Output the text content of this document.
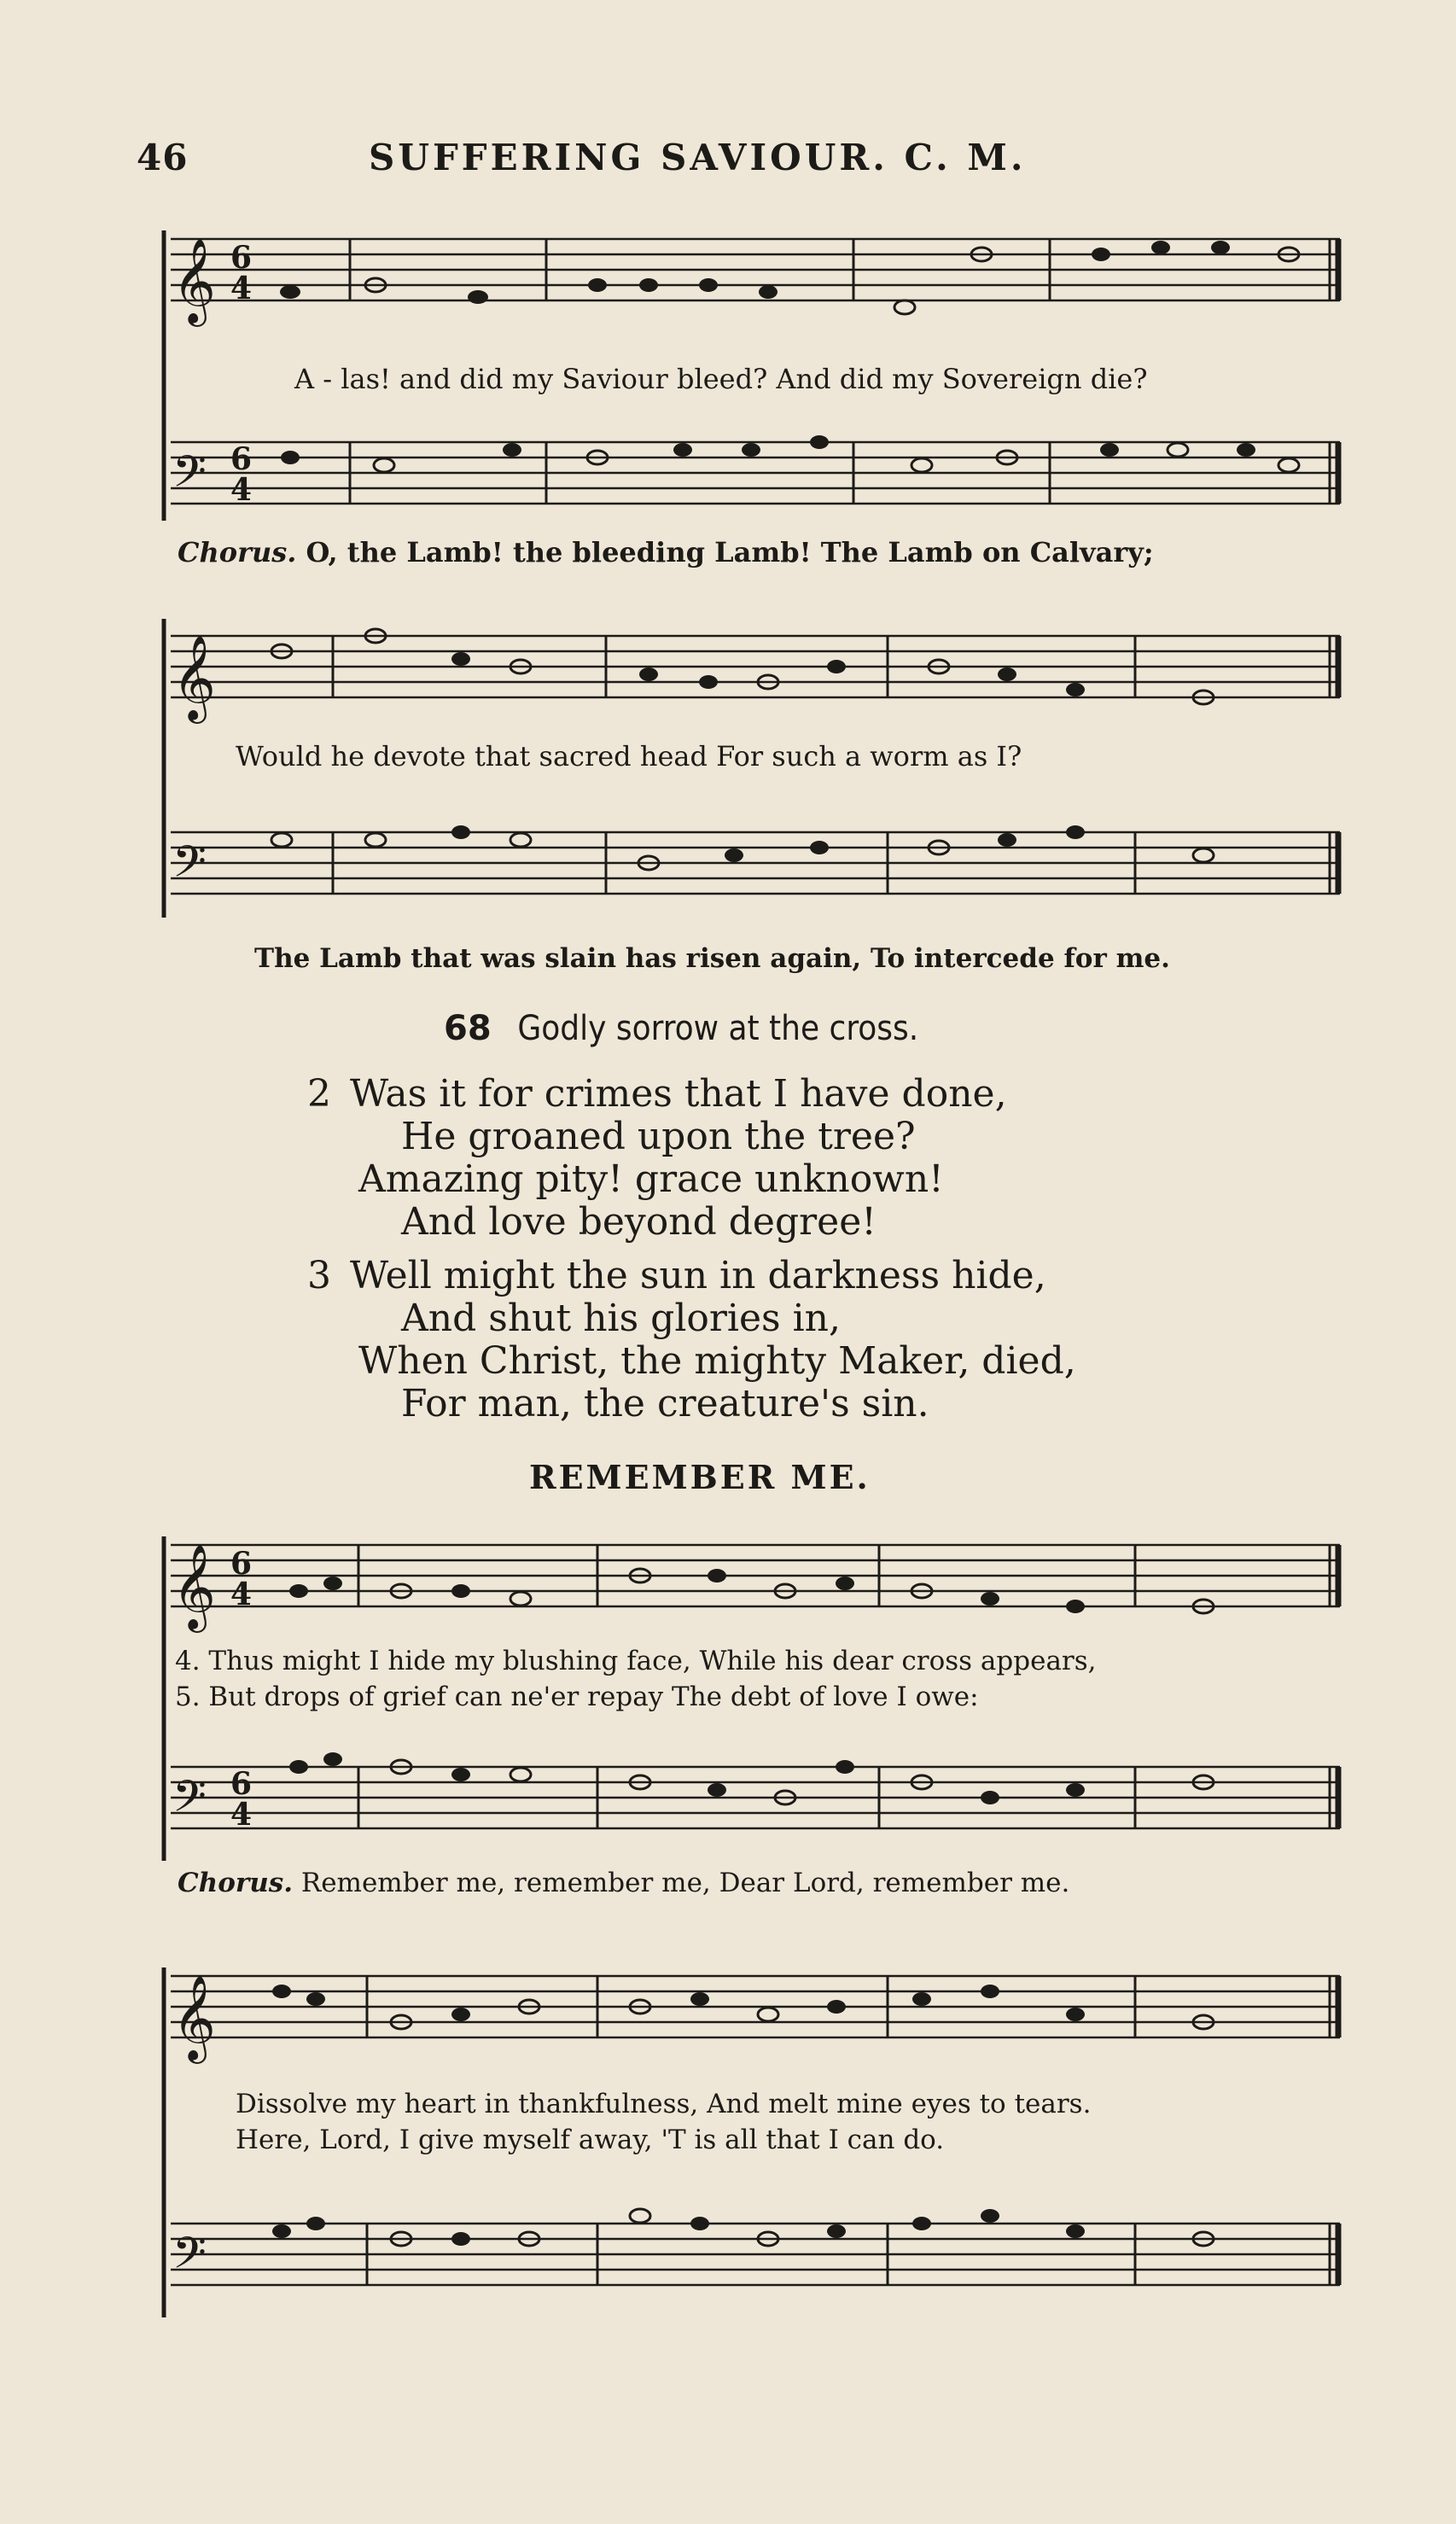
46	SUFFERING SAVIOUR. C. M.
𝄞
𝄢
6
4
6
4
A - las! and did my Saviour bleed? And did my Sovereign die?
Chorus. O, the Lamb! the bleeding Lamb! The Lamb on Calvary;
𝄞
𝄢
Would he devote that sacred head For such a worm as I?
The Lamb that was slain has risen again, To intercede for me.
68 Godly sorrow at the cross.
2 Was it for crimes that I have done,
He groaned upon the tree?
Amazing pity! grace unknown!
And love beyond degree!
3 Well might the sun in darkness hide,
And shut his glories in,
When Christ, the mighty Maker, died,
For man, the creature's sin.
REMEMBER ME.
𝄞
𝄢
6
4
6
4
4. Thus might I hide my blushing face, While his dear cross appears,
5. But drops of grief can ne'er repay The debt of love I owe:
Chorus. Remember me, remember me, Dear Lord, remember me.
𝄞
𝄢
Dissolve my heart in thankfulness, And melt mine eyes to tears.
Here, Lord, I give myself away, 'T is all that I can do.
